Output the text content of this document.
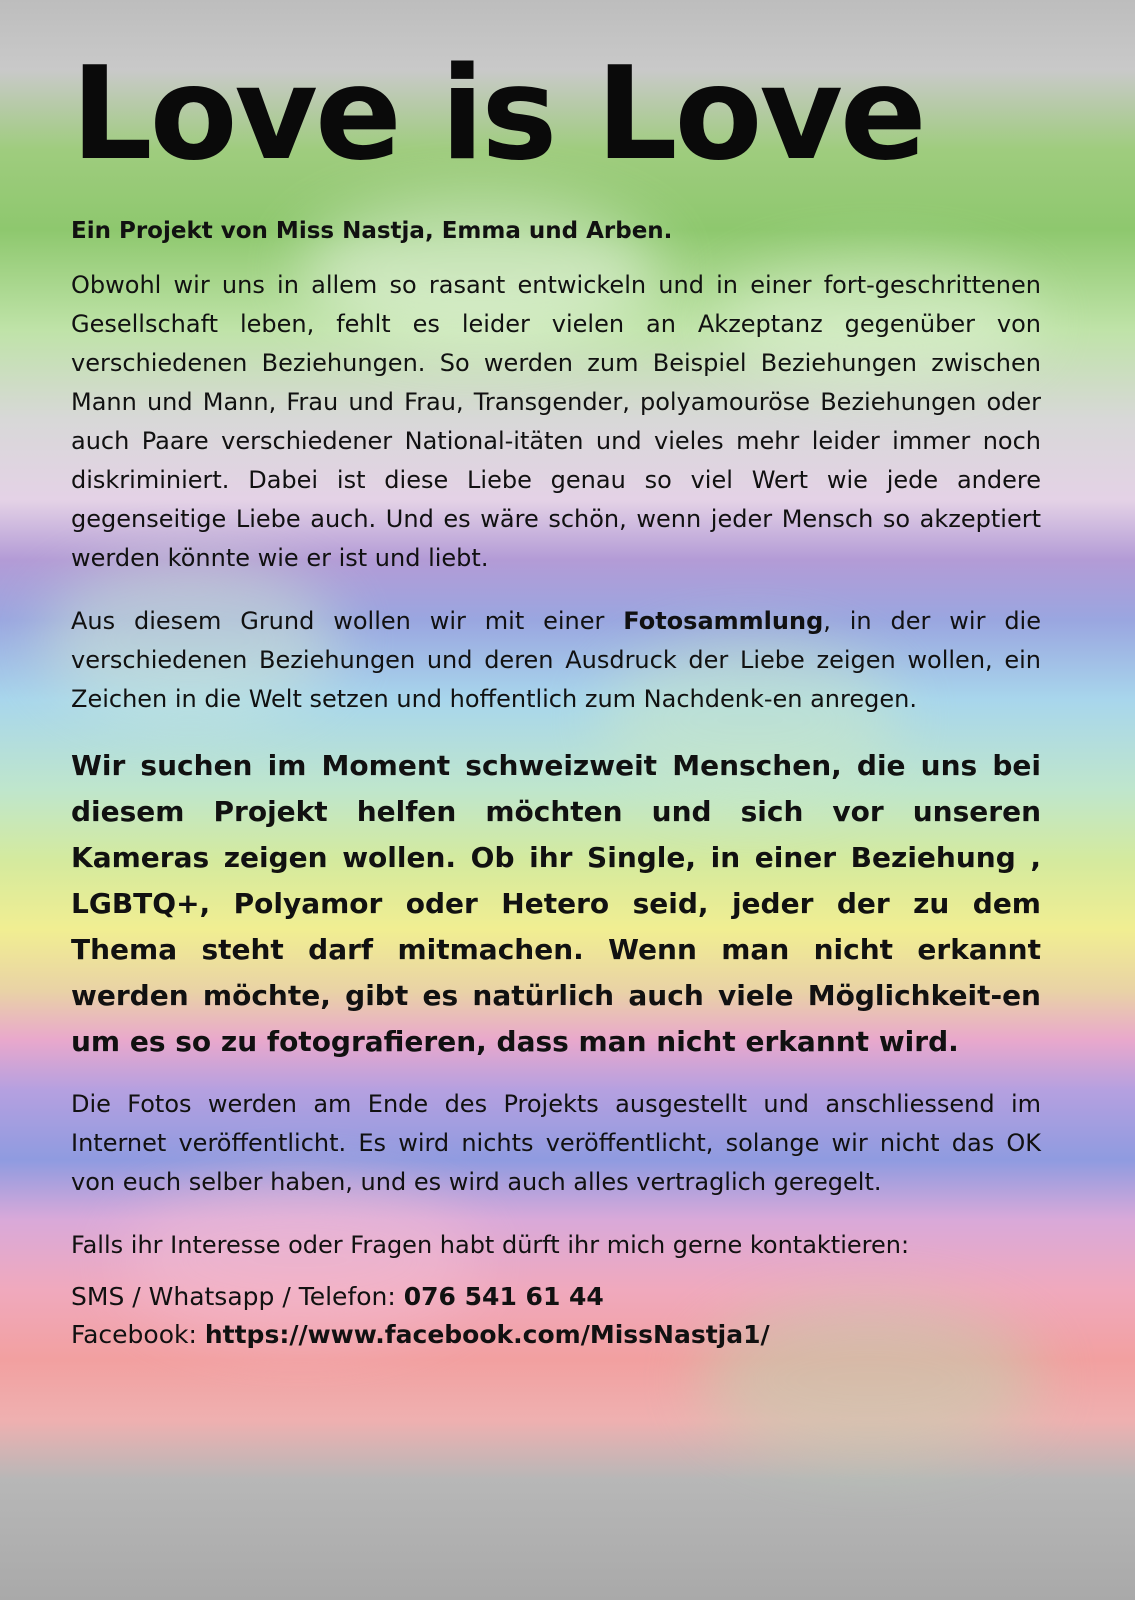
Love is Love
Ein Projekt von Miss Nastja, Emma und Arben.

Obwohl wir uns in allem so rasant entwickeln und in einer fort-geschrittenen Gesellschaft leben, fehlt es leider vielen an Akzeptanz gegenüber von verschiedenen Beziehungen. So werden zum Beispiel Beziehungen zwischen Mann und Mann, Frau und Frau, Transgender, polyamouröse Beziehungen oder auch Paare verschiedener National-itäten und vieles mehr leider immer noch diskriminiert. Dabei ist diese Liebe genau so viel Wert wie jede andere gegenseitige Liebe auch. Und es wäre schön, wenn jeder Mensch so akzeptiert werden könnte wie er ist und liebt.

Aus diesem Grund wollen wir mit einer Fotosammlung, in der wir die verschiedenen Beziehungen und deren Ausdruck der Liebe zeigen wollen, ein Zeichen in die Welt setzen und hoffentlich zum Nachdenk-en anregen.

Wir suchen im Moment schweizweit Menschen, die uns bei diesem Projekt helfen möchten und sich vor unseren Kameras zeigen wollen. Ob ihr Single, in einer Beziehung , LGBTQ+, Polyamor oder Hetero seid, jeder der zu dem Thema steht darf mitmachen. Wenn man nicht erkannt werden möchte, gibt es natürlich auch viele Möglichkeit-en um es so zu fotografieren, dass man nicht erkannt wird.

Die Fotos werden am Ende des Projekts ausgestellt und anschliessend im Internet veröffentlicht. Es wird nichts veröffentlicht, solange wir nicht das OK von euch selber haben, und es wird auch alles vertraglich geregelt.

Falls ihr Interesse oder Fragen habt dürft ihr mich gerne kontaktieren:

SMS / Whatsapp / Telefon: 076 541 61 44

Facebook: https://www.facebook.com/MissNastja1/
